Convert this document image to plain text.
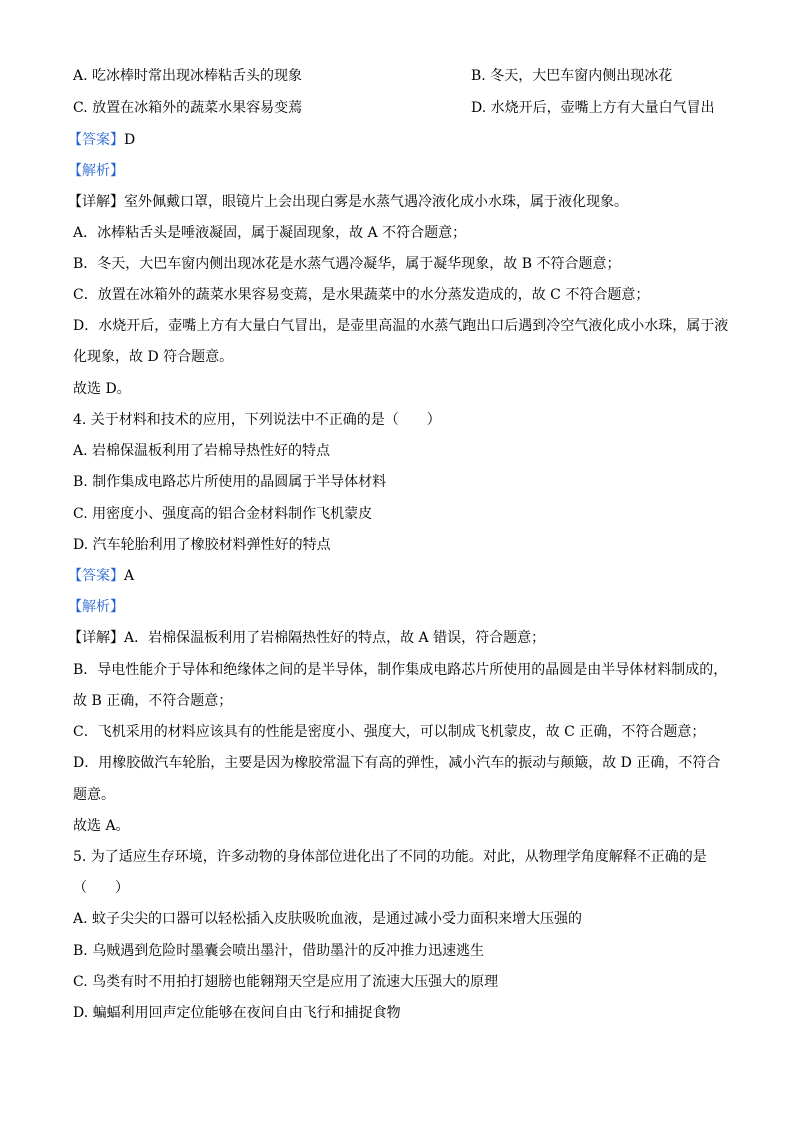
A. 吃冰棒时常出现冰棒粘舌头的现象	B. 冬天，大巴车窗内侧出现冰花
C. 放置在冰箱外的蔬菜水果容易变蔫	D. 水烧开后，壶嘴上方有大量白气冒出
【答案】D
【解析】
【详解】室外佩戴口罩，眼镜片上会出现白雾是水蒸气遇冷液化成小水珠，属于液化现象。
A．冰棒粘舌头是唾液凝固，属于凝固现象，故 A 不符合题意；
B．冬天，大巴车窗内侧出现冰花是水蒸气遇冷凝华，属于凝华现象，故 B 不符合题意；
C．放置在冰箱外的蔬菜水果容易变蔫，是水果蔬菜中的水分蒸发造成的，故 C 不符合题意；
D．水烧开后，壶嘴上方有大量白气冒出，是壶里高温的水蒸气跑出口后遇到冷空气液化成小水珠，属于液
化现象，故 D 符合题意。
故选 D。
4. 关于材料和技术的应用，下列说法中不正确的是（　　）
A. 岩棉保温板利用了岩棉导热性好的特点
B. 制作集成电路芯片所使用的晶圆属于半导体材料
C. 用密度小、强度高的铝合金材料制作飞机蒙皮
D. 汽车轮胎利用了橡胶材料弹性好的特点
【答案】A
【解析】
【详解】A．岩棉保温板利用了岩棉隔热性好的特点，故 A 错误，符合题意；
B．导电性能介于导体和绝缘体之间的是半导体，制作集成电路芯片所使用的晶圆是由半导体材料制成的，
故 B 正确，不符合题意；
C．飞机采用的材料应该具有的性能是密度小、强度大，可以制成飞机蒙皮，故 C 正确，不符合题意；
D．用橡胶做汽车轮胎，主要是因为橡胶常温下有高的弹性，减小汽车的振动与颠簸，故 D 正确，不符合
题意。
故选 A。
5. 为了适应生存环境，许多动物的身体部位进化出了不同的功能。对此，从物理学角度解释不正确的是
（　　）
A. 蚊子尖尖的口器可以轻松插入皮肤吸吮血液，是通过减小受力面积来增大压强的
B. 乌贼遇到危险时墨囊会喷出墨汁，借助墨汁的反冲推力迅速逃生
C. 鸟类有时不用拍打翅膀也能翱翔天空是应用了流速大压强大的原理
D. 蝙蝠利用回声定位能够在夜间自由飞行和捕捉食物
